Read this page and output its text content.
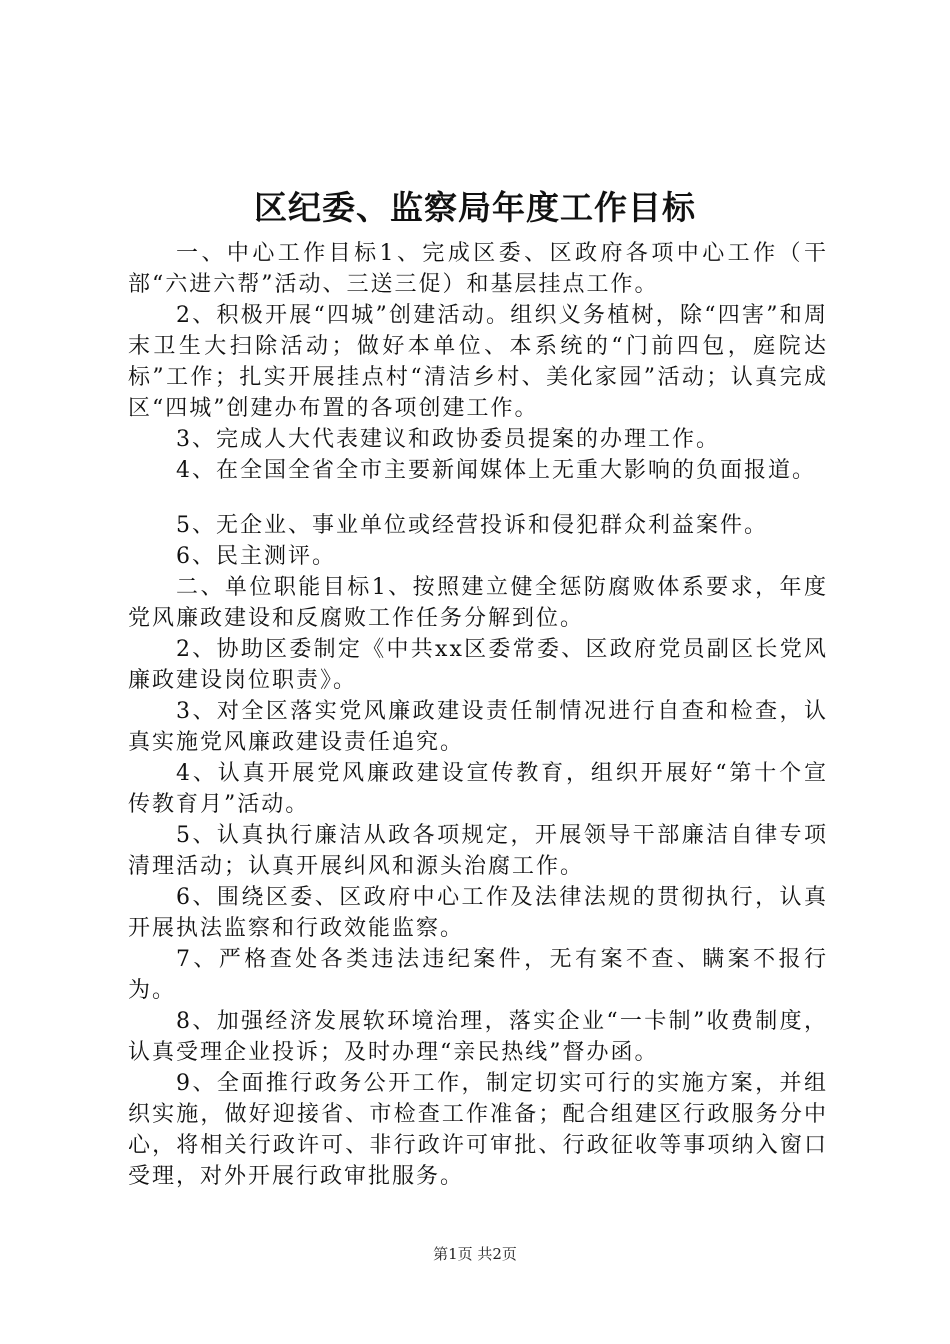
区纪委、监察局年度工作目标

一、中心工作目标1、完成区委、区政府各项中心工作（干部“六进六帮”活动、三送三促）和基层挂点工作。

2、积极开展“四城”创建活动。组织义务植树，除“四害”和周末卫生大扫除活动；做好本单位、本系统的“门前四包，庭院达标”工作；扎实开展挂点村“清洁乡村、美化家园”活动；认真完成区“四城”创建办布置的各项创建工作。

3、完成人大代表建议和政协委员提案的办理工作。

4、在全国全省全市主要新闻媒体上无重大影响的负面报道。

5、无企业、事业单位或经营投诉和侵犯群众利益案件。

6、民主测评。

二、单位职能目标1、按照建立健全惩防腐败体系要求，年度党风廉政建设和反腐败工作任务分解到位。

2、协助区委制定《中共xx区委常委、区政府党员副区长党风廉政建设岗位职责》。

3、对全区落实党风廉政建设责任制情况进行自查和检查，认真实施党风廉政建设责任追究。

4、认真开展党风廉政建设宣传教育，组织开展好“第十个宣传教育月”活动。

5、认真执行廉洁从政各项规定，开展领导干部廉洁自律专项清理活动；认真开展纠风和源头治腐工作。

6、围绕区委、区政府中心工作及法律法规的贯彻执行，认真开展执法监察和行政效能监察。

7、严格查处各类违法违纪案件，无有案不查、瞒案不报行为。

8、加强经济发展软环境治理，落实企业“一卡制”收费制度，认真受理企业投诉；及时办理“亲民热线”督办函。

9、全面推行政务公开工作，制定切实可行的实施方案，并组织实施，做好迎接省、市检查工作准备；配合组建区行政服务分中心，将相关行政许可、非行政许可审批、行政征收等事项纳入窗口受理，对外开展行政审批服务。

第1页 共2页
